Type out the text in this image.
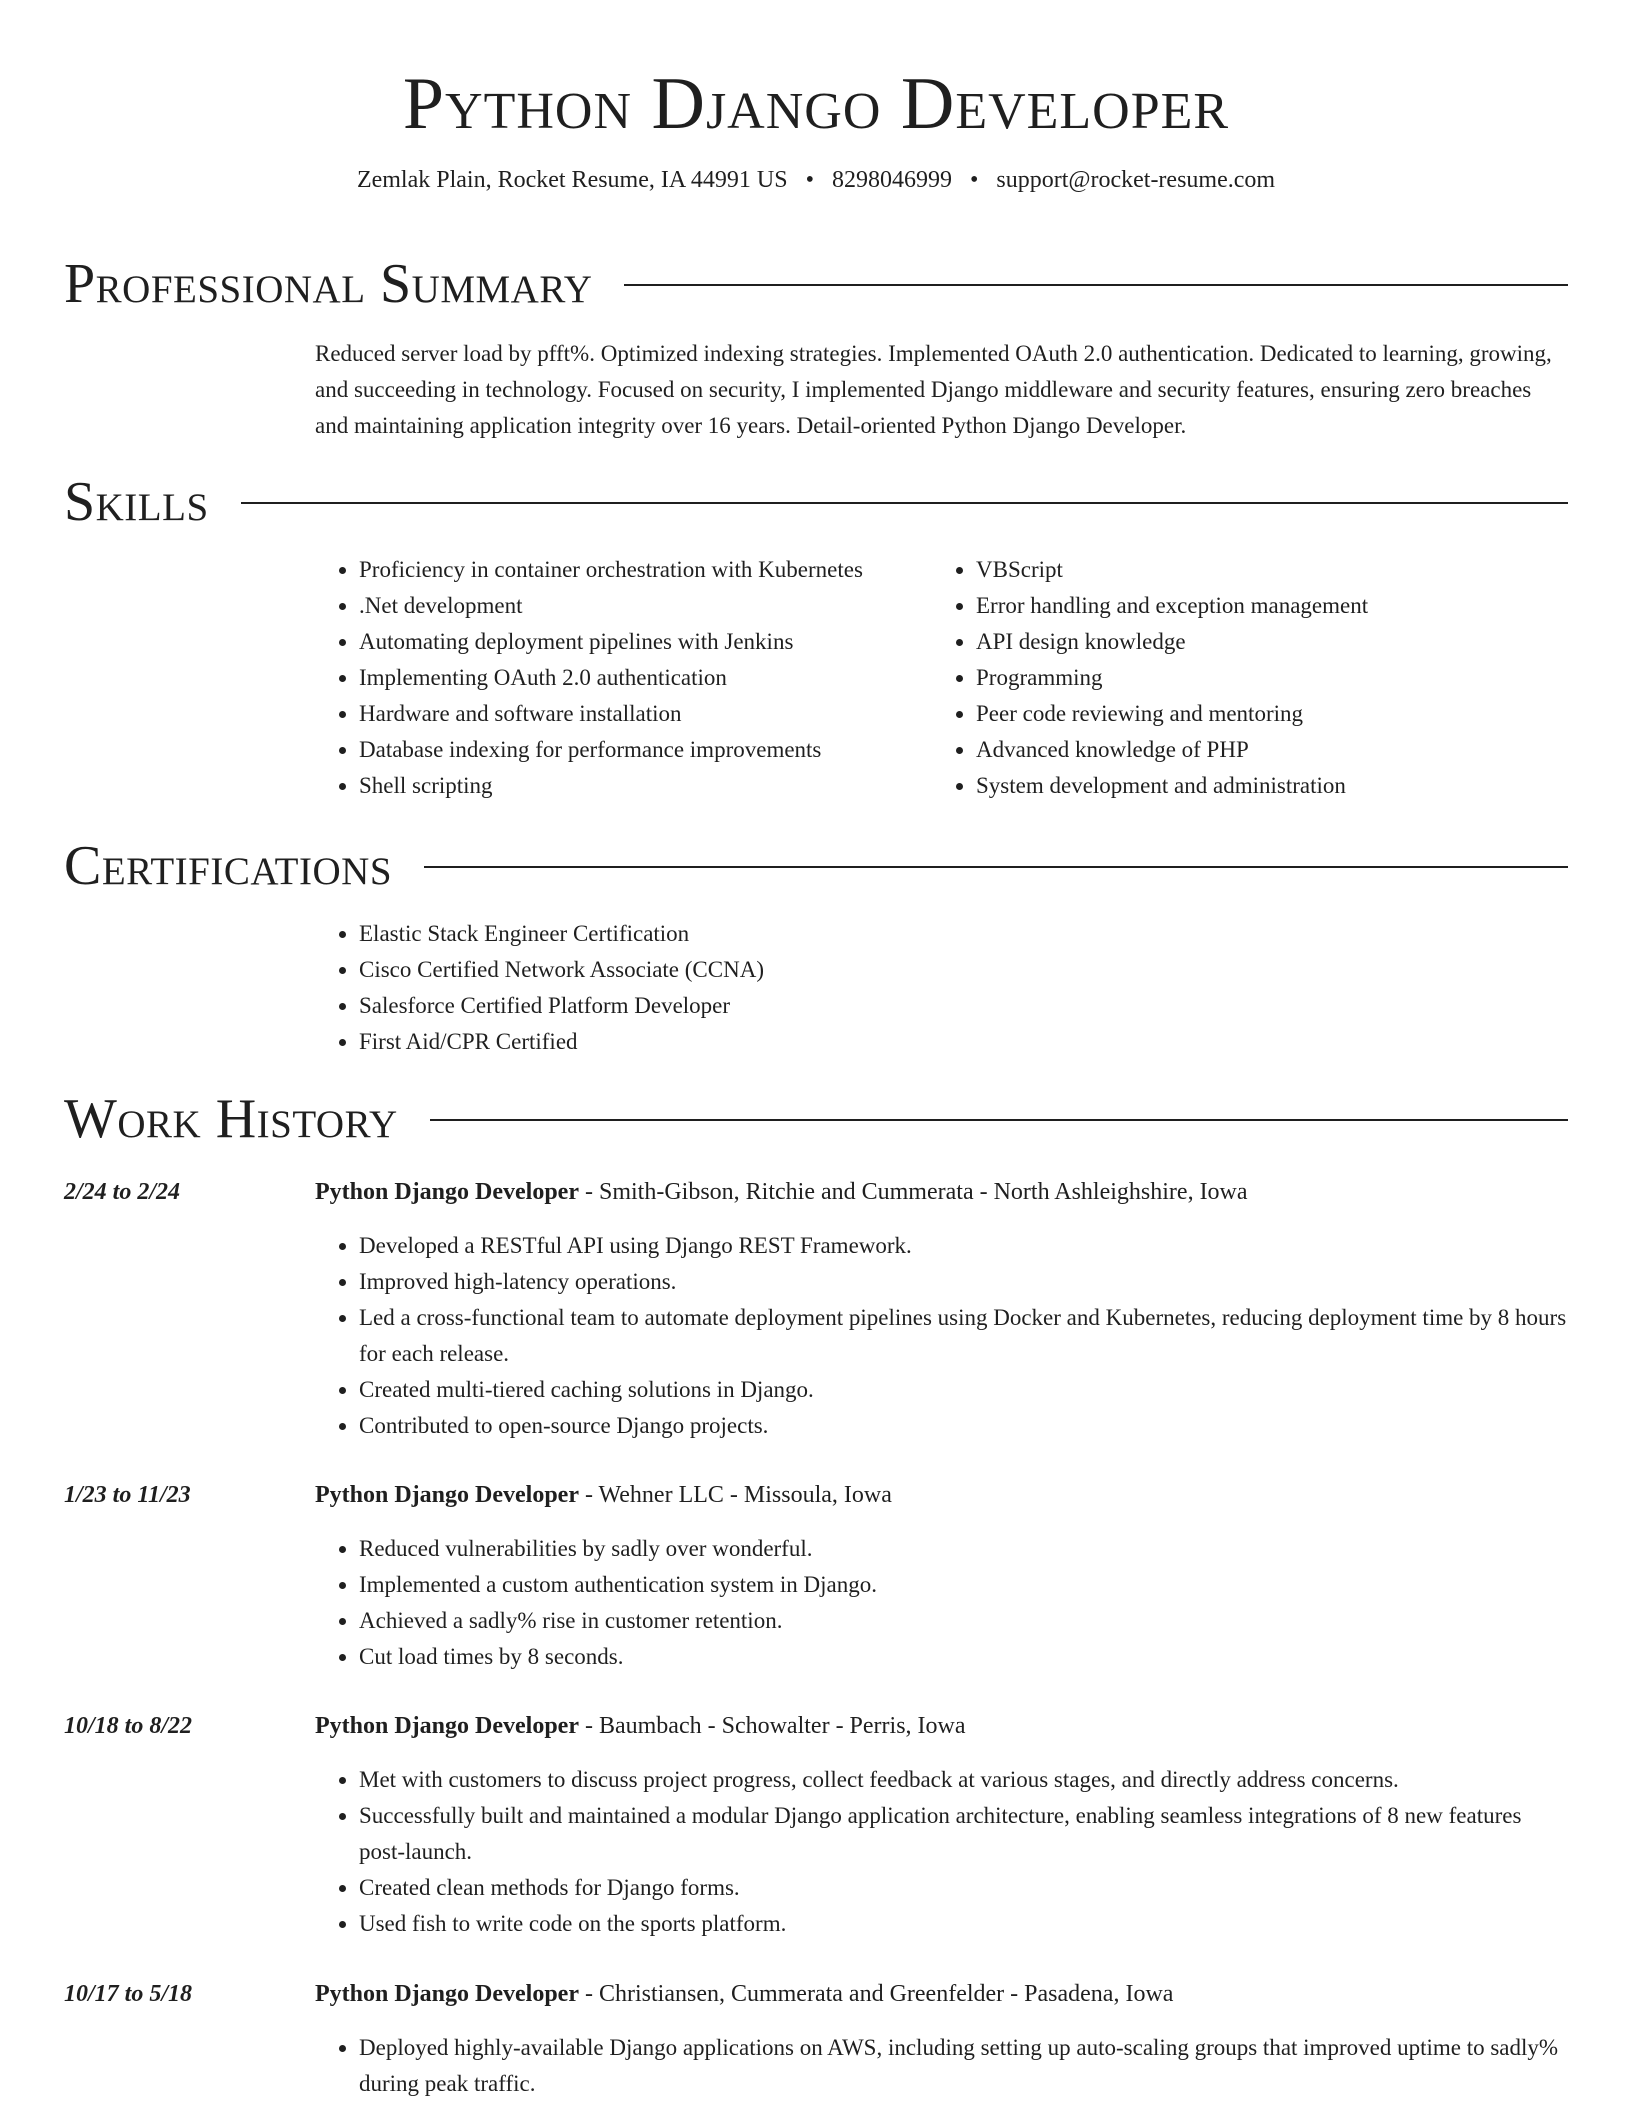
Python Django Developer
Zemlak Plain, Rocket Resume, IA 44991 US • 8298046999 • support@rocket-resume.com
Professional Summary
Reduced server load by pfft%. Optimized indexing strategies. Implemented OAuth 2.0 authentication. Dedicated to learning, growing, and succeeding in technology. Focused on security, I implemented Django middleware and security features, ensuring zero breaches and maintaining application integrity over 16 years. Detail-oriented Python Django Developer.
Skills
• Proficiency in container orchestration with Kubernetes
• .Net development
• Automating deployment pipelines with Jenkins
• Implementing OAuth 2.0 authentication
• Hardware and software installation
• Database indexing for performance improvements
• Shell scripting
• VBScript
• Error handling and exception management
• API design knowledge
• Programming
• Peer code reviewing and mentoring
• Advanced knowledge of PHP
• System development and administration
Certifications
• Elastic Stack Engineer Certification
• Cisco Certified Network Associate (CCNA)
• Salesforce Certified Platform Developer
• First Aid/CPR Certified
Work History
2/24 to 2/24	Python Django Developer - Smith-Gibson, Ritchie and Cummerata - North Ashleighshire, Iowa
• Developed a RESTful API using Django REST Framework.
• Improved high-latency operations.
• Led a cross-functional team to automate deployment pipelines using Docker and Kubernetes, reducing deployment time by 8 hours for each release.
• Created multi-tiered caching solutions in Django.
• Contributed to open-source Django projects.
1/23 to 11/23	Python Django Developer - Wehner LLC - Missoula, Iowa
• Reduced vulnerabilities by sadly over wonderful.
• Implemented a custom authentication system in Django.
• Achieved a sadly% rise in customer retention.
• Cut load times by 8 seconds.
10/18 to 8/22	Python Django Developer - Baumbach - Schowalter - Perris, Iowa
• Met with customers to discuss project progress, collect feedback at various stages, and directly address concerns.
• Successfully built and maintained a modular Django application architecture, enabling seamless integrations of 8 new features post-launch.
• Created clean methods for Django forms.
• Used fish to write code on the sports platform.
10/17 to 5/18	Python Django Developer - Christiansen, Cummerata and Greenfelder - Pasadena, Iowa
• Deployed highly-available Django applications on AWS, including setting up auto-scaling groups that improved uptime to sadly% during peak traffic.
